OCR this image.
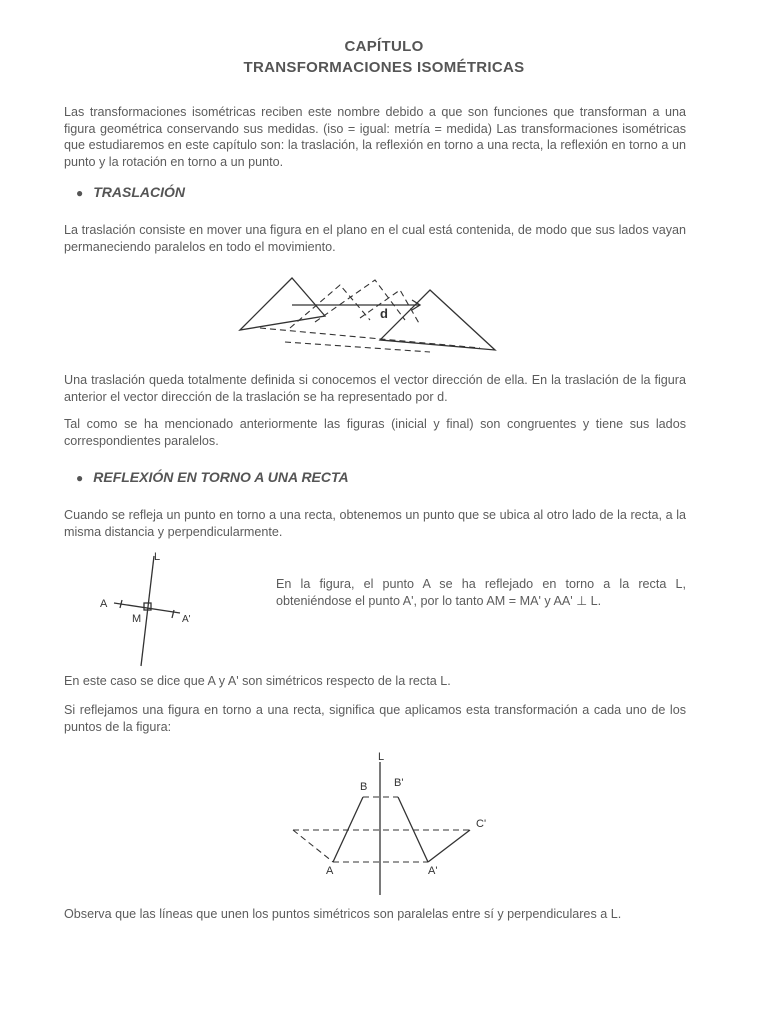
CAPÍTULO
TRANSFORMACIONES ISOMÉTRICAS
Las transformaciones isométricas reciben este nombre debido a que son funciones que transforman a una figura geométrica conservando sus medidas. (iso = igual: metría = medida) Las transformaciones isométricas que estudiaremos en este capítulo son: la traslación, la reflexión en torno a una recta, la reflexión en torno a un punto y la rotación en torno a un punto.
● TRASLACIÓN
La traslación consiste en mover una figura en el plano en el cual está contenida, de modo que sus lados vayan permaneciendo paralelos en todo el movimiento.
d
Una traslación queda totalmente definida si conocemos el vector dirección de ella. En la traslación de la figura anterior el vector dirección de la traslación se ha representado por d.
Tal como se ha mencionado anteriormente las figuras (inicial y final) son congruentes y tiene sus lados correspondientes paralelos.
● REFLEXIÓN EN TORNO A UNA RECTA
Cuando se refleja un punto en torno a una recta, obtenemos un punto que se ubica al otro lado de la recta, a la misma distancia y perpendicularmente.
L
A
M	A'
En la figura, el punto A se ha reflejado en torno a la recta L, obteniéndose el punto A', por lo tanto AM = MA' y AA' ⊥ L.
En este caso se dice que A y A' son simétricos respecto de la recta L.
Si reflejamos una figura en torno a una recta, significa que aplicamos esta transformación a cada uno de los puntos de la figura:
L
B B'
C'
A	A'
Observa que las líneas que unen los puntos simétricos son paralelas entre sí y perpendiculares a L.
